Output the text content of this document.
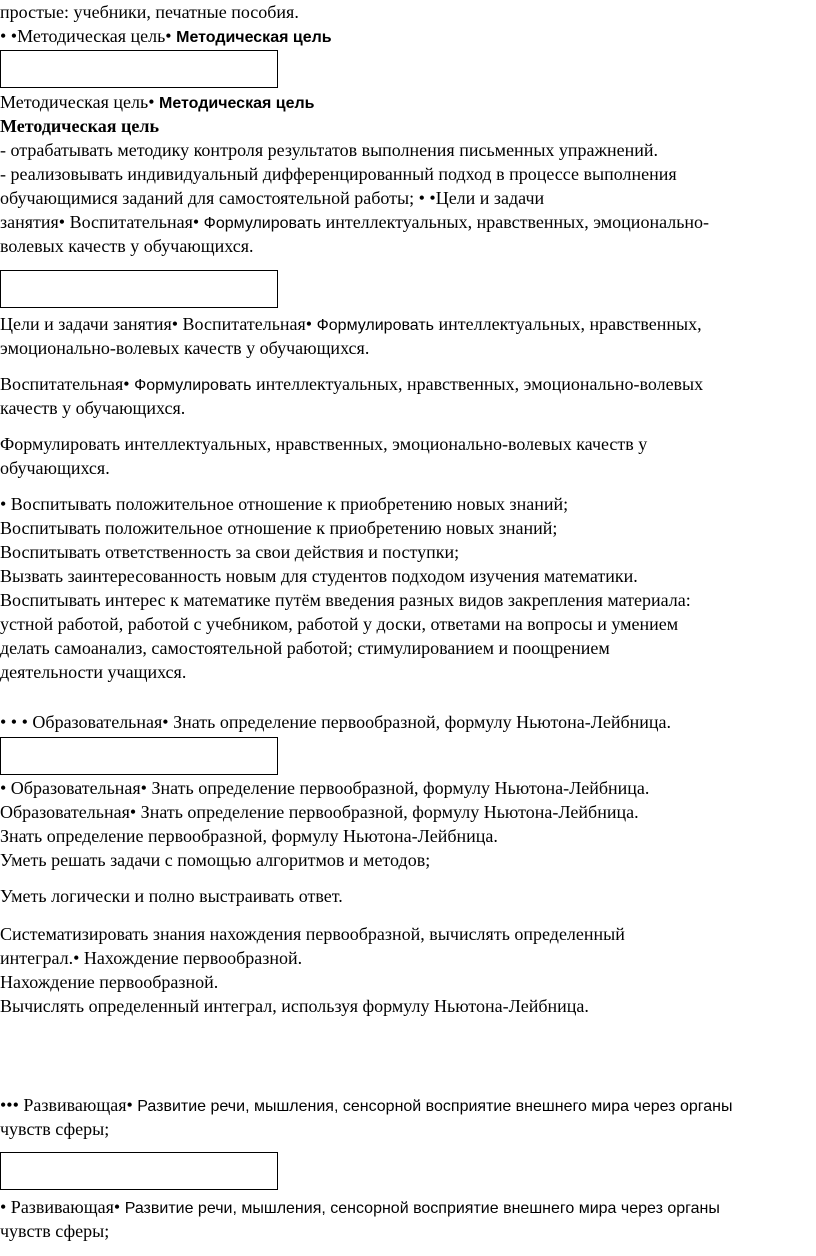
простые: учебники, печатные пособия.
• •Методическая цель• Методическая цель
Методическая цель• Методическая цель
Методическая цель
- отрабатывать методику контроля результатов выполнения письменных упражнений.
- реализовывать индивидуальный дифференцированный подход в процессе выполнения
обучающимися заданий для самостоятельной работы; • •Цели и задачи
занятия• Воспитательная• Формулировать интеллектуальных, нравственных, эмоционально-
волевых качеств у обучающихся.
Цели и задачи занятия• Воспитательная• Формулировать интеллектуальных, нравственных,
эмоционально-волевых качеств у обучающихся.
Воспитательная• Формулировать интеллектуальных, нравственных, эмоционально-волевых
качеств у обучающихся.
Формулировать интеллектуальных, нравственных, эмоционально-волевых качеств у
обучающихся.
• Воспитывать положительное отношение к приобретению новых знаний;
Воспитывать положительное отношение к приобретению новых знаний;
Воспитывать ответственность за свои действия и поступки;
Вызвать заинтересованность новым для студентов подходом изучения математики.
Воспитывать интерес к математике путём введения разных видов закрепления материала:
устной работой, работой с учебником, работой у доски, ответами на вопросы и умением
делать самоанализ, самостоятельной работой; стимулированием и поощрением
деятельности учащихся.
• • • Образовательная• Знать определение первообразной, формулу Ньютона-Лейбница.
• Образовательная• Знать определение первообразной, формулу Ньютона-Лейбница.
Образовательная• Знать определение первообразной, формулу Ньютона-Лейбница.
Знать определение первообразной, формулу Ньютона-Лейбница.
Уметь решать задачи с помощью алгоритмов и методов;
Уметь логически и полно выстраивать ответ.
Систематизировать знания нахождения первообразной, вычислять определенный
интеграл.• Нахождение первообразной.
Нахождение первообразной.
Вычислять определенный интеграл, используя формулу Ньютона-Лейбница.
••• Развивающая• Развитие речи, мышления, сенсорной восприятие внешнего мира через органы
чувств сферы;
• Развивающая• Развитие речи, мышления, сенсорной восприятие внешнего мира через органы
чувств сферы;
